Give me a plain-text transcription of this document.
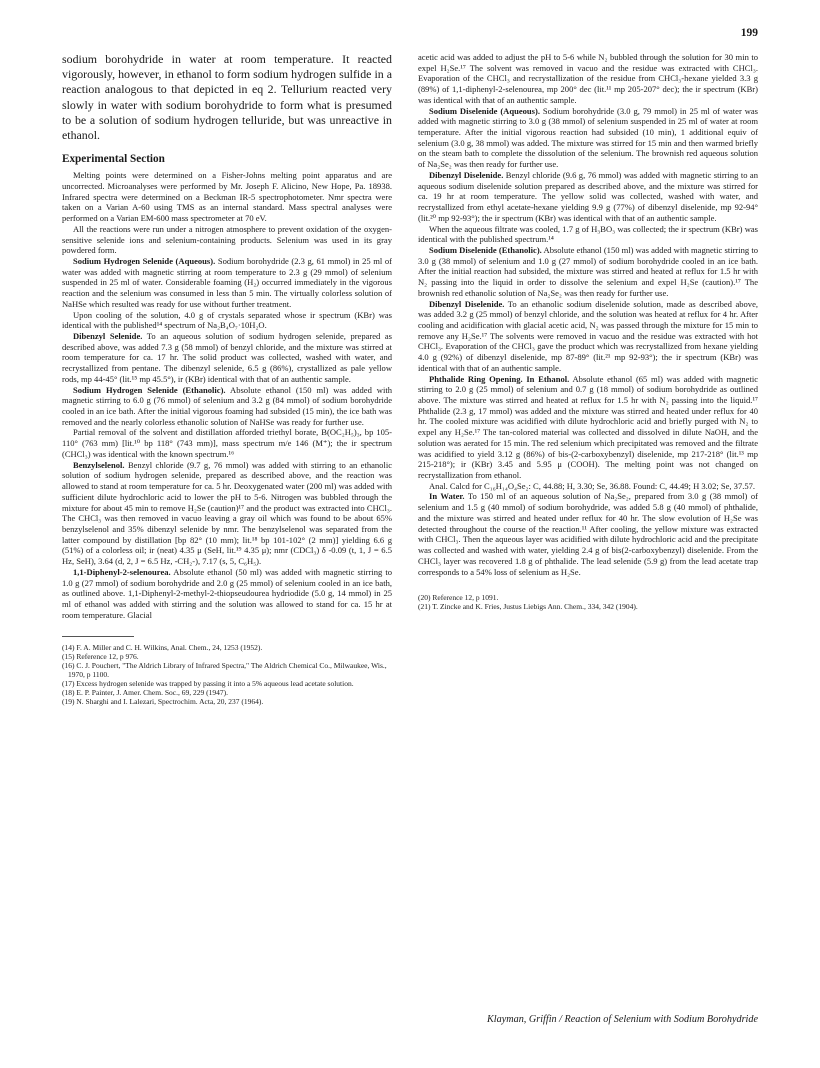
199

sodium borohydride in water at room temperature. It reacted vigorously, however, in ethanol to form sodium hydrogen sulfide in a reaction analogous to that depicted in eq 2. Tellurium reacted very slowly in water with sodium borohydride to form what is presumed to be a solution of sodium hydrogen telluride, but was unreactive in ethanol.

Experimental Section

Melting points were determined on a Fisher-Johns melting point apparatus and are uncorrected. Microanalyses were performed by Mr. Joseph F. Alicino, New Hope, Pa. 18938. Infrared spectra were determined on a Beckman IR-5 spectrophotometer. Nmr spectra were taken on a Varian A-60 using TMS as an internal standard. Mass spectral analyses were performed on a Varian EM-600 mass spectrometer at 70 eV.

All the reactions were run under a nitrogen atmosphere to prevent oxidation of the oxygen-sensitive selenide ions and selenium-containing products. Selenium was used in its gray powdered form.

Sodium Hydrogen Selenide (Aqueous). Sodium borohydride (2.3 g, 61 mmol) in 25 ml of water was added with magnetic stirring at room temperature to 2.3 g (29 mmol) of selenium suspended in 25 ml of water. Considerable foaming (H₂) occurred immediately in the vigorous reaction and the selenium was consumed in less than 5 min. The virtually colorless solution of NaHSe which resulted was ready for use without further treatment.

Upon cooling of the solution, 4.0 g of crystals separated whose ir spectrum (KBr) was identical with the published¹⁴ spectrum of Na₂B₄O₇·10H₂O.

Dibenzyl Selenide. To an aqueous solution of sodium hydrogen selenide, prepared as described above, was added 7.3 g (58 mmol) of benzyl chloride, and the mixture was stirred at room temperature for ca. 17 hr. The solid product was collected, washed with water, and recrystallized from pentane. The dibenzyl selenide, 6.5 g (86%), crystallized as pale yellow rods, mp 44-45° (lit.¹⁵ mp 45.5°), ir (KBr) identical with that of an authentic sample.

Sodium Hydrogen Selenide (Ethanolic). Absolute ethanol (150 ml) was added with magnetic stirring to 6.0 g (76 mmol) of selenium and 3.2 g (84 mmol) of sodium borohydride cooled in an ice bath. After the initial vigorous foaming had subsided (15 min), the ice bath was removed and the nearly colorless ethanolic solution of NaHSe was ready for further use.

Partial removal of the solvent and distillation afforded triethyl borate, B(OC₂H₅)₃, bp 105-110° (763 mm) [lit.¹⁰ bp 118° (743 mm)], mass spectrum m/e 146 (M⁺); the ir spectrum (CHCl₃) was identical with the known spectrum.¹⁶

Benzylselenol. Benzyl chloride (9.7 g, 76 mmol) was added with stirring to an ethanolic solution of sodium hydrogen selenide, prepared as described above, and the reaction was allowed to stand at room temperature for ca. 5 hr. Deoxygenated water (200 ml) was added with sufficient dilute hydrochloric acid to lower the pH to 5-6. Nitrogen was bubbled through the mixture for about 45 min to remove H₂Se (caution)¹⁷ and the product was extracted into CHCl₃. The CHCl₃ was then removed in vacuo leaving a gray oil which was found to be about 65% benzylselenol and 35% dibenzyl selenide by nmr. The benzylselenol was separated from the latter compound by distillation [bp 82° (10 mm); lit.¹⁸ bp 101-102° (2 mm)] yielding 6.6 g (51%) of a colorless oil; ir (neat) 4.35 μ (SeH, lit.¹⁹ 4.35 μ); nmr (CDCl₃) δ -0.09 (t, 1, J = 6.5 Hz, SeH), 3.64 (d, 2, J = 6.5 Hz, -CH₂-), 7.17 (s, 5, C₆H₅).

1,1-Diphenyl-2-selenourea. Absolute ethanol (50 ml) was added with magnetic stirring to 1.0 g (27 mmol) of sodium borohydride and 2.0 g (25 mmol) of selenium cooled in an ice bath, as outlined above. 1,1-Diphenyl-2-methyl-2-thiopseudourea hydriodide (5.0 g, 14 mmol) in 25 ml of ethanol was added with stirring and the solution was allowed to stand for ca. 15 hr at room temperature. Glacial

(14) F. A. Miller and C. H. Wilkins, Anal. Chem., 24, 1253 (1952).

(15) Reference 12, p 976.

(16) C. J. Pouchert, "The Aldrich Library of Infrared Spectra," The Aldrich Chemical Co., Milwaukee, Wis., 1970, p 1100.

(17) Excess hydrogen selenide was trapped by passing it into a 5% aqueous lead acetate solution.

(18) E. P. Painter, J. Amer. Chem. Soc., 69, 229 (1947).

(19) N. Sharghi and I. Lalezari, Spectrochim. Acta, 20, 237 (1964).

acetic acid was added to adjust the pH to 5-6 while N₂ bubbled through the solution for 30 min to expel H₂Se.¹⁷ The solvent was removed in vacuo and the residue was extracted with CHCl₃. Evaporation of the CHCl₃ and recrystallization of the residue from CHCl₃-hexane yielded 3.3 g (89%) of 1,1-diphenyl-2-selenourea, mp 200° dec (lit.¹¹ mp 205-207° dec); the ir spectrum (KBr) was identical with that of an authentic sample.

Sodium Diselenide (Aqueous). Sodium borohydride (3.0 g, 79 mmol) in 25 ml of water was added with magnetic stirring to 3.0 g (38 mmol) of selenium suspended in 25 ml of water at room temperature. After the initial vigorous reaction had subsided (10 min), 1 additional equiv of selenium (3.0 g, 38 mmol) was added. The mixture was stirred for 15 min and then warmed briefly on the steam bath to complete the dissolution of the selenium. The brownish red aqueous solution of Na₂Se₂ was then ready for further use.

Dibenzyl Diselenide. Benzyl chloride (9.6 g, 76 mmol) was added with magnetic stirring to an aqueous sodium diselenide solution prepared as described above, and the mixture was stirred for ca. 19 hr at room temperature. The yellow solid was collected, washed with water, and recrystallized from ethyl acetate-hexane yielding 9.9 g (77%) of dibenzyl diselenide, mp 92-94° (lit.²⁰ mp 92-93°); the ir spectrum (KBr) was identical with that of an authentic sample.

When the aqueous filtrate was cooled, 1.7 g of H₃BO₃ was collected; the ir spectrum (KBr) was identical with the published spectrum.¹⁴

Sodium Diselenide (Ethanolic). Absolute ethanol (150 ml) was added with magnetic stirring to 3.0 g (38 mmol) of selenium and 1.0 g (27 mmol) of sodium borohydride cooled in an ice bath. After the initial reaction had subsided, the mixture was stirred and heated at reflux for 1.5 hr with N₂ passing into the liquid in order to dissolve the selenium and expel H₂Se (caution).¹⁷ The brownish red ethanolic solution of Na₂Se₂ was then ready for further use.

Dibenzyl Diselenide. To an ethanolic sodium diselenide solution, made as described above, was added 3.2 g (25 mmol) of benzyl chloride, and the solution was heated at reflux for 4 hr. After cooling and acidification with glacial acetic acid, N₂ was passed through the mixture for 15 min to remove any H₂Se.¹⁷ The solvents were removed in vacuo and the residue was extracted with hot CHCl₃. Evaporation of the CHCl₃ gave the product which was recrystallized from hexane yielding 4.0 g (92%) of dibenzyl diselenide, mp 87-89° (lit.²¹ mp 92-93°); the ir spectrum (KBr) was identical with that of an authentic sample.

Phthalide Ring Opening. In Ethanol. Absolute ethanol (65 ml) was added with magnetic stirring to 2.0 g (25 mmol) of selenium and 0.7 g (18 mmol) of sodium borohydride as outlined above. The mixture was stirred and heated at reflux for 1.5 hr with N₂ passing into the liquid.¹⁷ Phthalide (2.3 g, 17 mmol) was added and the mixture was stirred and heated under reflux for 40 hr. The cooled mixture was acidified with dilute hydrochloric acid and briefly purged with N₂ to expel any H₂Se.¹⁷ The tan-colored material was collected and dissolved in dilute NaOH, and the solution was aerated for 15 min. The red selenium which precipitated was removed and the filtrate was acidified to yield 3.12 g (86%) of bis-(2-carboxybenzyl) diselenide, mp 217-218° (lit.¹³ mp 215-218°); ir (KBr) 3.45 and 5.95 μ (COOH). The melting point was not changed on recrystallization from ethanol.

Anal. Calcd for C₁₆H₁₄O₄Se₂: C, 44.88; H, 3.30; Se, 36.88. Found: C, 44.49; H 3.02; Se, 37.57.

In Water. To 150 ml of an aqueous solution of Na₂Se₂, prepared from 3.0 g (38 mmol) of selenium and 1.5 g (40 mmol) of sodium borohydride, was added 5.8 g (40 mmol) of phthalide, and the mixture was stirred and heated under reflux for 40 hr. The slow evolution of H₂Se was detected throughout the course of the reaction.¹¹ After cooling, the yellow mixture was extracted with CHCl₃. Then the aqueous layer was acidified with dilute hydrochloric acid and the precipitate was collected and washed with water, yielding 2.4 g of bis(2-carboxybenzyl) diselenide. From the CHCl₃ layer was recovered 1.8 g of phthalide. The lead selenide (5.9 g) from the lead acetate trap corresponds to a 54% loss of selenium as H₂Se.

(20) Reference 12, p 1091.

(21) T. Zincke and K. Fries, Justus Liebigs Ann. Chem., 334, 342 (1904).

Klayman, Griffin / Reaction of Selenium with Sodium Borohydride
